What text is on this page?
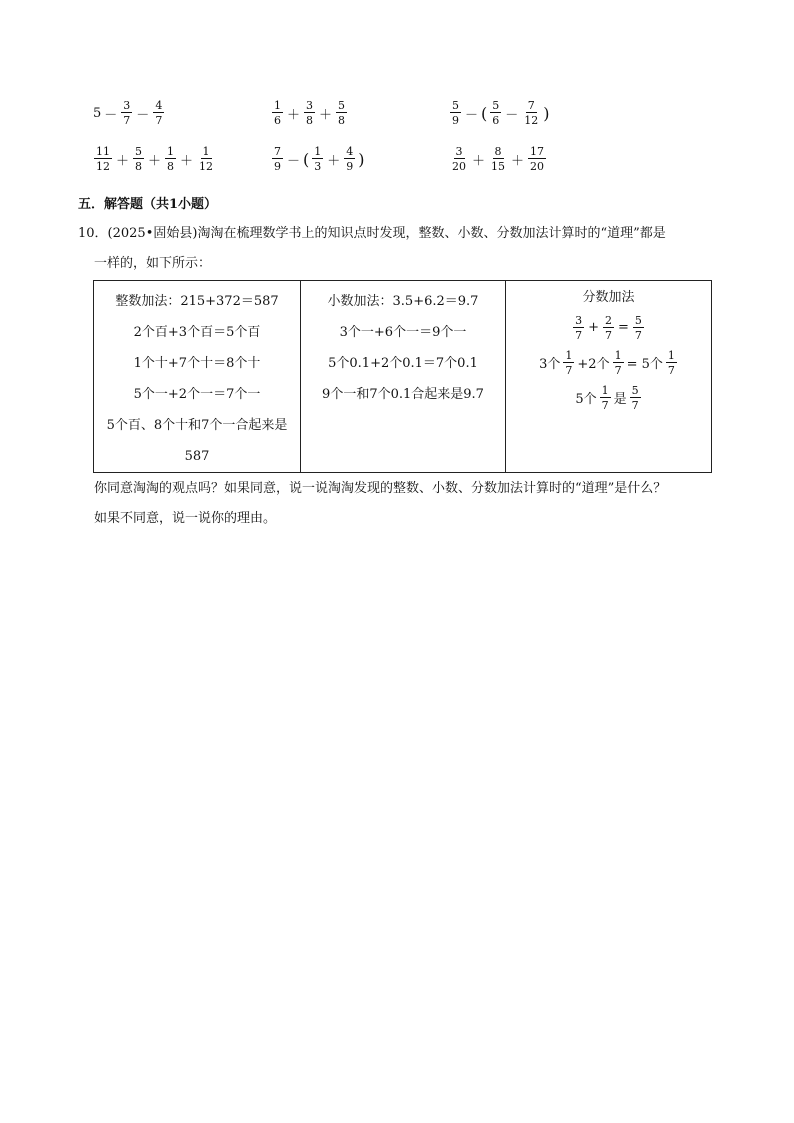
$5 - \frac{3}{7} - \frac{4}{7}$	$\frac{1}{6} + \frac{3}{8} + \frac{5}{8}$	$\frac{5}{9}$ － ( $\frac{5}{6} - \frac{7}{12}$ )
$\frac{11}{12} + \frac{5}{8} + \frac{1}{8} + \frac{1}{12}$	$\frac{7}{9}$ － ( $\frac{1}{3} + \frac{4}{9}$ )	$\frac{3}{20} + \frac{8}{15} + \frac{17}{20}$
五．解答题（共1小题）
10．(2025•固始县)淘淘在梳理数学书上的知识点时发现，整数、小数、分数加法计算时的“道理”都是
一样的，如下所示：
整数加法：215+372＝587
2个百+3个百＝5个百
1个十+7个十＝8个十
5个一+2个一＝7个一
5个百、8个十和7个一合起来是
587

小数加法：3.5+6.2＝9.7
3个一+6个一＝9个一
5个0.1+2个0.1＝7个0.1
9个一和7个0.1合起来是9.7

分数加法
$\frac{3}{7} + \frac{2}{7} = \frac{5}{7}$
3个 $\frac{1}{7} +2$个 $\frac{1}{7} = 5$个 $\frac{1}{7}$
5个 $\frac{1}{7}$ 是 $\frac{5}{7}$
你同意淘淘的观点吗？如果同意，说一说淘淘发现的整数、小数、分数加法计算时的“道理”是什么？
如果不同意，说一说你的理由。
